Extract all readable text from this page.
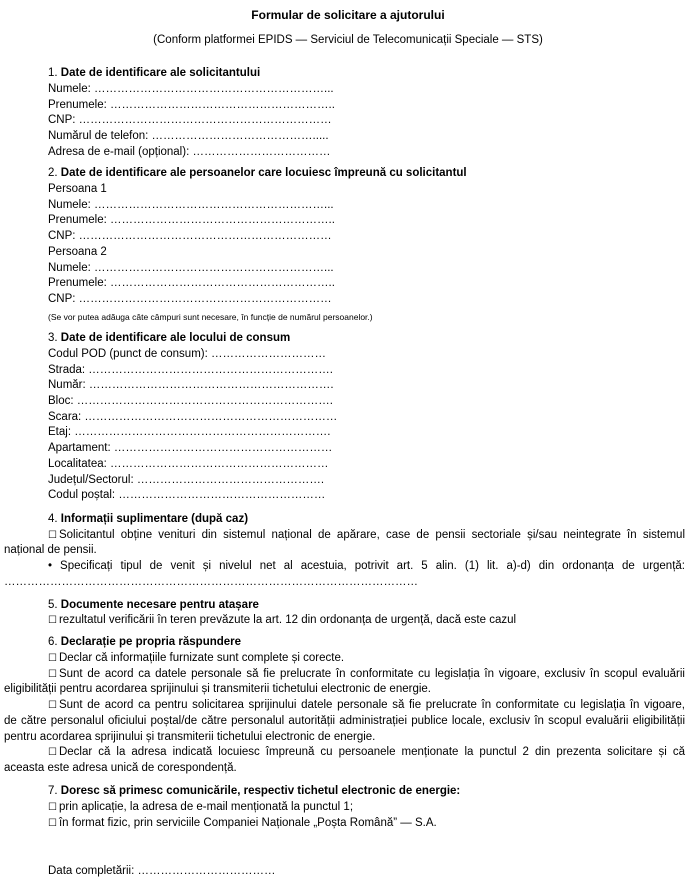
Formular de solicitare a ajutorului
(Conform platformei EPIDS — Serviciul de Telecomunicații Speciale — STS)
1. Date de identificare ale solicitantului
Numele: ……………………………………………………...
Prenumele: …………………………………………………..
CNP: …………………………………………………………
Numărul de telefon: …………………………………….....
Adresa de e-mail (opțional): ………………………………
2. Date de identificare ale persoanelor care locuiesc împreună cu solicitantul
Persoana 1
Numele: ……………………………………………………...
Prenumele: …………………………………………………..
CNP: …………………………………………………………
Persoana 2
Numele: ……………………………………………………...
Prenumele: …………………………………………………..
CNP: …………………………………………………………
(Se vor putea adăuga câte câmpuri sunt necesare, în funcție de numărul persoanelor.)
3. Date de identificare ale locului de consum
Codul POD (punct de consum): …………………………
Strada: ……………………………………………………….
Număr: ……………………………………………………….
Bloc: ………………………………………………………….
Scara: …………………………………………………………
Etaj: ………………………………………………………….
Apartament: …………………………………………………
Localitatea: …………………………………………………
Județul/Sectorul: ………………………………………….
Codul poștal: ………………………………………………
4. Informații suplimentare (după caz)
☐ Solicitantul obține venituri din sistemul național de apărare, case de pensii sectoriale și/sau neintegrate în sistemul
național de pensii.
• Specificați tipul de venit și nivelul net al acestuia, potrivit art. 5 alin. (1) lit. a)-d) din ordonanța de urgență:
………………………………………………………………………………………………
5. Documente necesare pentru atașare
☐ rezultatul verificării în teren prevăzute la art. 12 din ordonanța de urgență, dacă este cazul
6. Declarație pe propria răspundere
☐ Declar că informațiile furnizate sunt complete și corecte.
☐ Sunt de acord ca datele personale să fie prelucrate în conformitate cu legislația în vigoare, exclusiv în scopul evaluării
eligibilității pentru acordarea sprijinului și transmiterii tichetului electronic de energie.
☐ Sunt de acord ca pentru solicitarea sprijinului datele personale să fie prelucrate în conformitate cu legislația în vigoare,
de către personalul oficiului poștal/de către personalul autorității administrației publice locale, exclusiv în scopul evaluării eligibilității
pentru acordarea sprijinului și transmiterii tichetului electronic de energie.
☐ Declar că la adresa indicată locuiesc împreună cu persoanele menționate la punctul 2 din prezenta solicitare și că
aceasta este adresa unică de corespondență.
7. Doresc să primesc comunicările, respectiv tichetul electronic de energie:
☐ prin aplicație, la adresa de e-mail menționată la punctul 1;
☐ în format fizic, prin serviciile Companiei Naționale „Poșta Română” — S.A.
Data completării: ………………………………
